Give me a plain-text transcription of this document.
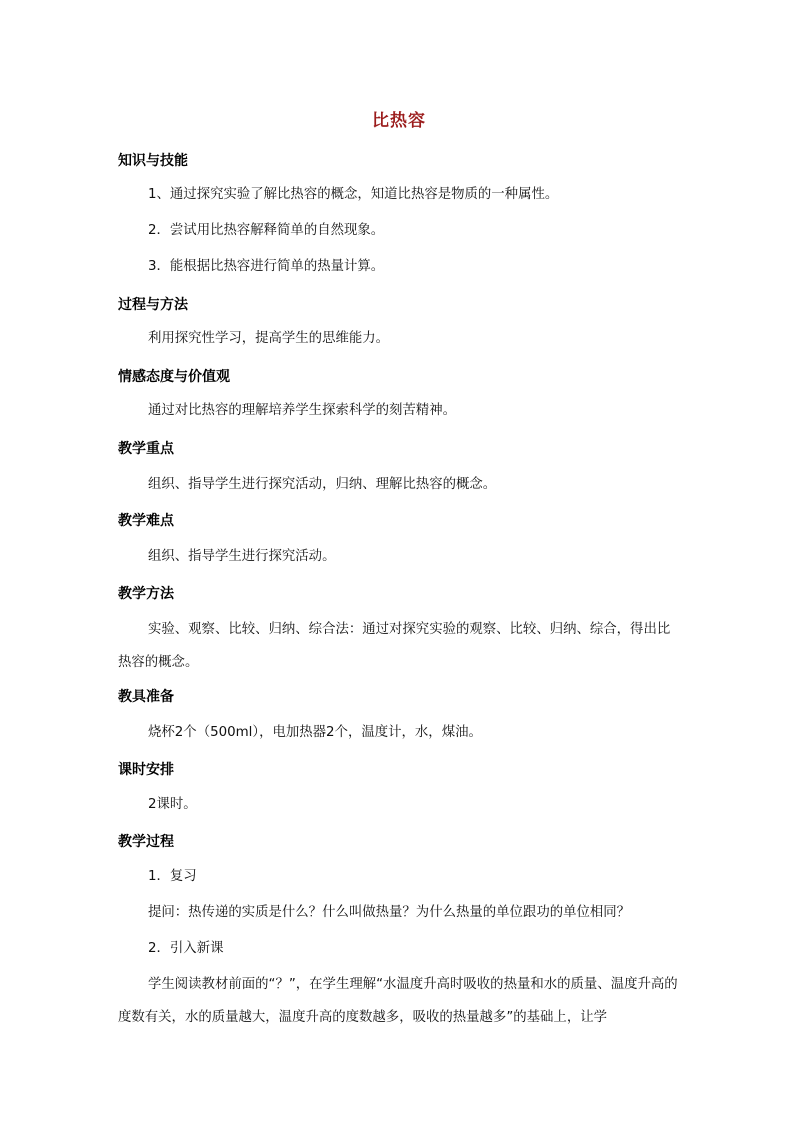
比热容
知识与技能
1、通过探究实验了解比热容的概念，知道比热容是物质的一种属性。
2．尝试用比热容解释简单的自然现象。
3．能根据比热容进行简单的热量计算。
过程与方法
利用探究性学习，提高学生的思维能力。
情感态度与价值观
通过对比热容的理解培养学生探索科学的刻苦精神。
教学重点
组织、指导学生进行探究活动，归纳、理解比热容的概念。
教学难点
组织、指导学生进行探究活动。
教学方法
实验、观察、比较、归纳、综合法：通过对探究实验的观察、比较、归纳、综合，得出比热容的概念。
教具准备
烧杯2个（500ml），电加热器2个，温度计，水，煤油。
课时安排
2课时。
教学过程
1．复习
提问：热传递的实质是什么？什么叫做热量？为什么热量的单位跟功的单位相同？
2．引入新课
学生阅读教材前面的“？”，在学生理解“水温度升高时吸收的热量和水的质量、温度升高的度数有关，水的质量越大，温度升高的度数越多，吸收的热量越多”的基础上，让学
